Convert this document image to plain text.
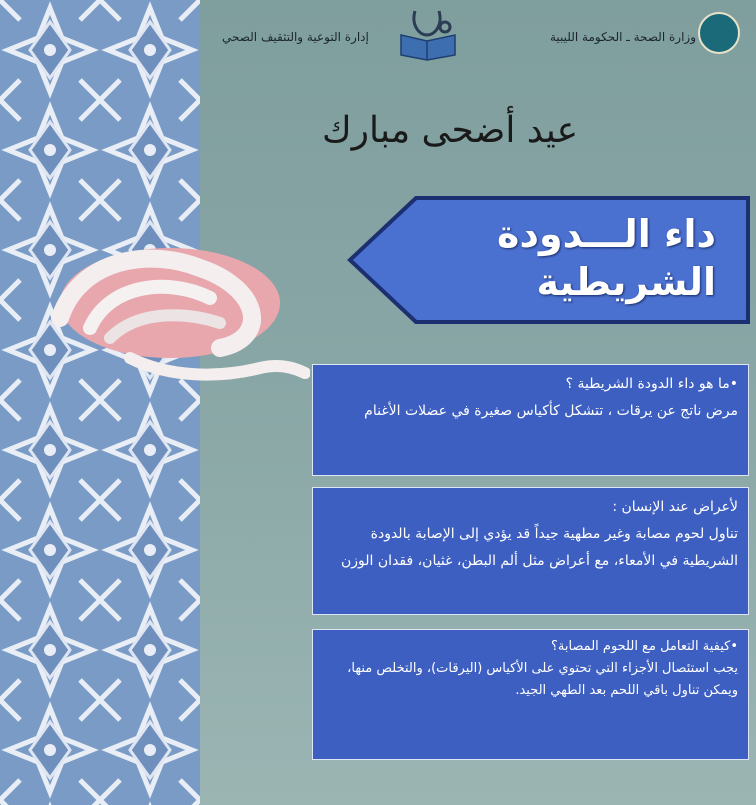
وزارة الصحة ـ الحكومة الليبية
إدارة التوعية والتثقيف الصحي
عيد أضحى مبارك
داء الـــدودة
الشريطية
•ما هو داء الدودة الشريطية ؟
مرض ناتج عن يرقات ، تتشكل كأكياس صغيرة في عضلات الأغنام
لأعراض عند الإنسان :
تناول لحوم مصابة وغير مطهية جيداً قد يؤدي إلى الإصابة بالدودة الشريطية في الأمعاء، مع أعراض مثل ألم البطن، غثيان، فقدان الوزن
•كيفية التعامل مع اللحوم المصابة؟
يجب استئصال الأجزاء التي تحتوي على الأكياس (اليرقات)، والتخلص منها، ويمكن تناول باقي اللحم بعد الطهي الجيد.
